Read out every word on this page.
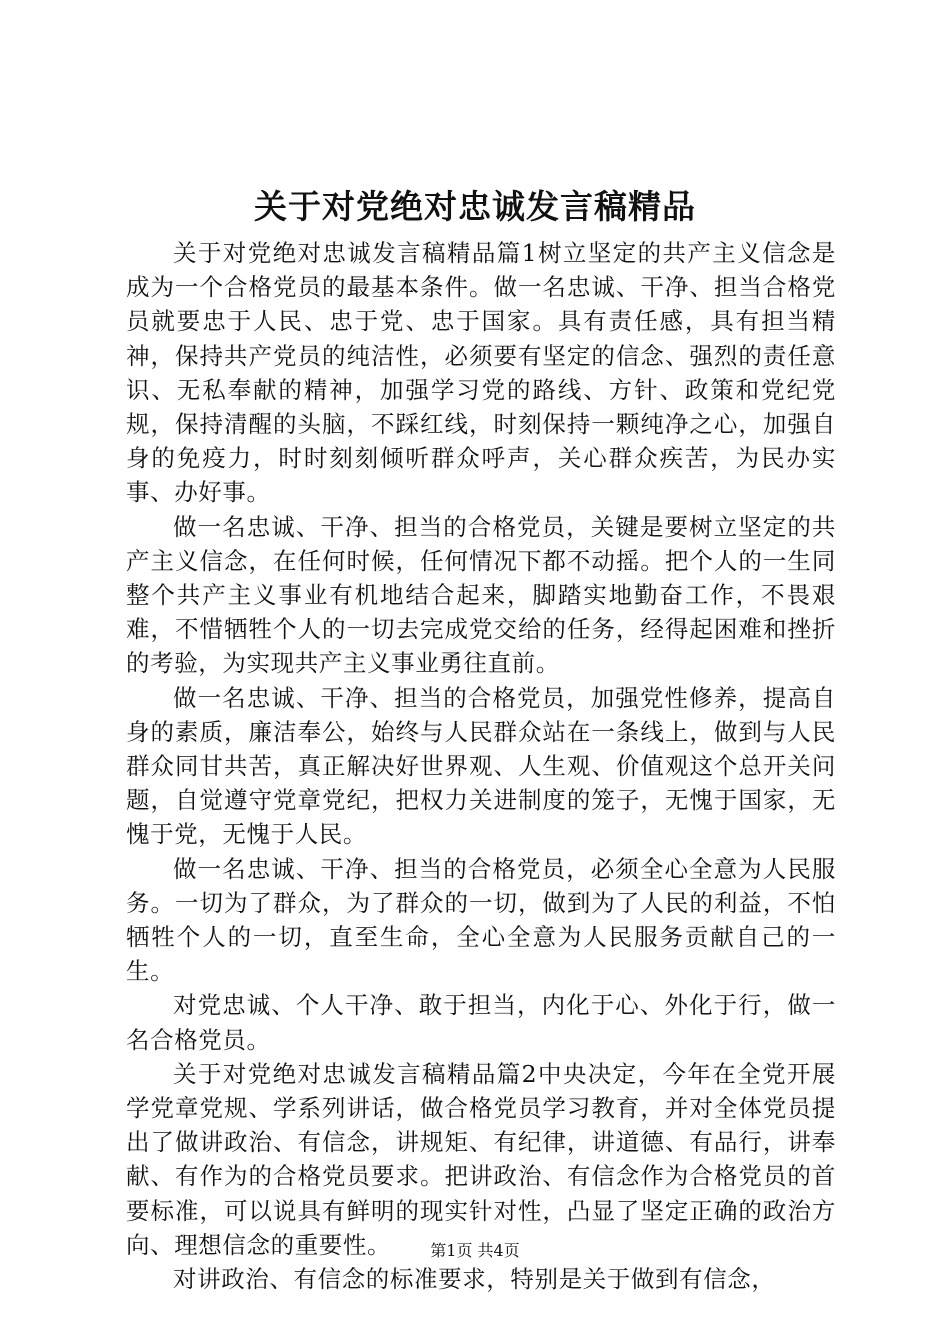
关于对党绝对忠诚发言稿精品

关于对党绝对忠诚发言稿精品篇1树立坚定的共产主义信念是成为一个合格党员的最基本条件。做一名忠诚、干净、担当合格党员就要忠于人民、忠于党、忠于国家。具有责任感，具有担当精神，保持共产党员的纯洁性，必须要有坚定的信念、强烈的责任意识、无私奉献的精神，加强学习党的路线、方针、政策和党纪党规，保持清醒的头脑，不踩红线，时刻保持一颗纯净之心，加强自身的免疫力，时时刻刻倾听群众呼声，关心群众疾苦，为民办实事、办好事。

做一名忠诚、干净、担当的合格党员，关键是要树立坚定的共产主义信念，在任何时候，任何情况下都不动摇。把个人的一生同整个共产主义事业有机地结合起来，脚踏实地勤奋工作，不畏艰难，不惜牺牲个人的一切去完成党交给的任务，经得起困难和挫折的考验，为实现共产主义事业勇往直前。

做一名忠诚、干净、担当的合格党员，加强党性修养，提高自身的素质，廉洁奉公，始终与人民群众站在一条线上，做到与人民群众同甘共苦，真正解决好世界观、人生观、价值观这个总开关问题，自觉遵守党章党纪，把权力关进制度的笼子，无愧于国家，无愧于党，无愧于人民。

做一名忠诚、干净、担当的合格党员，必须全心全意为人民服务。一切为了群众，为了群众的一切，做到为了人民的利益，不怕牺牲个人的一切，直至生命，全心全意为人民服务贡献自己的一生。

对党忠诚、个人干净、敢于担当，内化于心、外化于行，做一名合格党员。

关于对党绝对忠诚发言稿精品篇2中央决定，今年在全党开展学党章党规、学系列讲话，做合格党员学习教育，并对全体党员提出了做讲政治、有信念，讲规矩、有纪律，讲道德、有品行，讲奉献、有作为的合格党员要求。把讲政治、有信念作为合格党员的首要标准，可以说具有鲜明的现实针对性，凸显了坚定正确的政治方向、理想信念的重要性。

对讲政治、有信念的标准要求，特别是关于做到有信念，

第1页 共4页
